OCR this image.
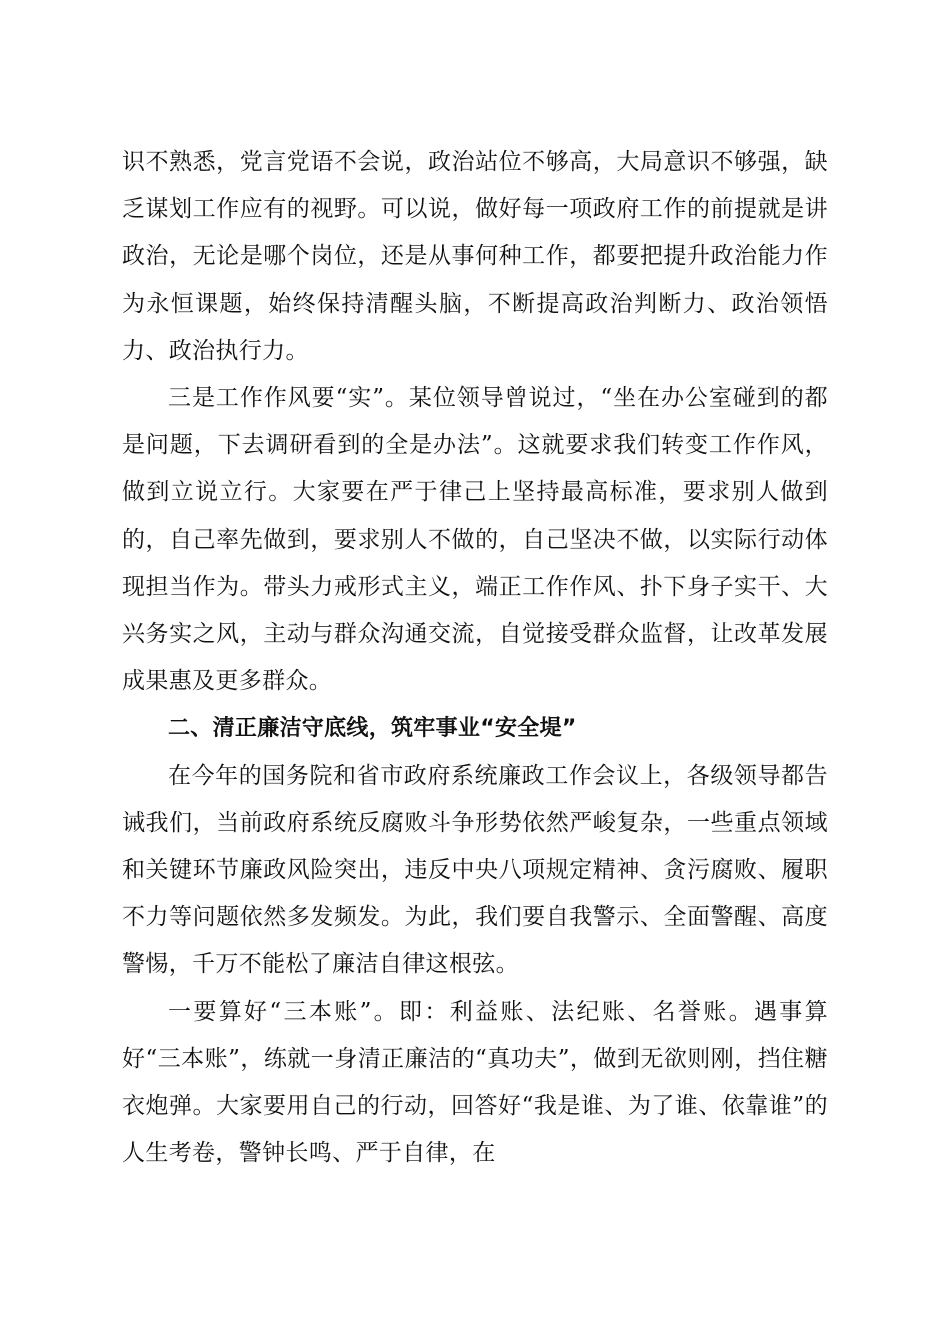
识不熟悉，党言党语不会说，政治站位不够高，大局意识不够强，缺乏谋划工作应有的视野。可以说，做好每一项政府工作的前提就是讲政治，无论是哪个岗位，还是从事何种工作，都要把提升政治能力作为永恒课题，始终保持清醒头脑，不断提高政治判断力、政治领悟力、政治执行力。

三是工作作风要“实”。某位领导曾说过，“坐在办公室碰到的都是问题，下去调研看到的全是办法”。这就要求我们转变工作作风，做到立说立行。大家要在严于律己上坚持最高标准，要求别人做到的，自己率先做到，要求别人不做的，自己坚决不做，以实际行动体现担当作为。带头力戒形式主义，端正工作作风、扑下身子实干、大兴务实之风，主动与群众沟通交流，自觉接受群众监督，让改革发展成果惠及更多群众。

二、清正廉洁守底线，筑牢事业“安全堤”

在今年的国务院和省市政府系统廉政工作会议上，各级领导都告诫我们，当前政府系统反腐败斗争形势依然严峻复杂，一些重点领域和关键环节廉政风险突出，违反中央八项规定精神、贪污腐败、履职不力等问题依然多发频发。为此，我们要自我警示、全面警醒、高度警惕，千万不能松了廉洁自律这根弦。

一要算好“三本账”。即：利益账、法纪账、名誉账。遇事算好“三本账”，练就一身清正廉洁的“真功夫”，做到无欲则刚，挡住糖衣炮弹。大家要用自己的行动，回答好“我是谁、为了谁、依靠谁”的人生考卷，警钟长鸣、严于自律，在
